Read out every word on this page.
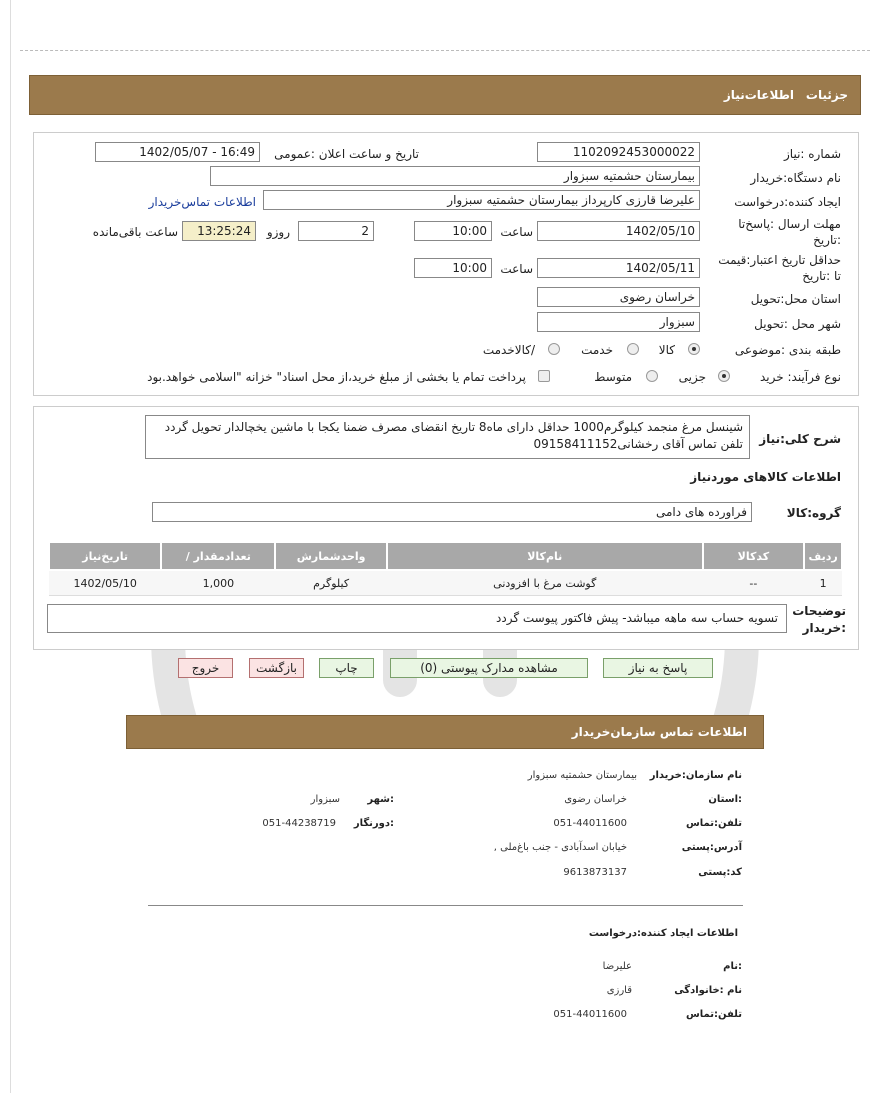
جزئیات
اطلاعات‌نیاز
شماره :نیاز
1102092453000022
تاریخ و ساعت اعلان :عمومی
1402/05/07 - 16:49
نام دستگاه:خریدار
بیمارستان حشمتیه سبزوار
ایجاد کننده:درخواست
علیرضا قارزی کارپرداز بیمارستان حشمتیه سبزوار
اطلاعات تماس‌خریدار
مهلت ارسال :پاسخ‌تا
:تاریخ
1402/05/10
ساعت
10:00
2
روزو
13:25:24
ساعت باقی‌مانده
حداقل تاریخ اعتبار:قیمت
تا :تاریخ
1402/05/11
ساعت
10:00
استان محل:تحویل
خراسان رضوی
شهر محل :تحویل
سبزوار
طبقه بندی :موضوعی
کالا
خدمت
/کالاخدمت
نوع فرآیند: خرید
جزیی
متوسط
پرداخت تمام یا بخشی از مبلغ خرید،از محل اسناد" خزانه "اسلامی خواهد.بود
شرح کلی:نیاز
شینسل مرغ منجمد کیلوگرم1000 حداقل دارای ماه8 تاریخ انقضای مصرف ضمنا یکجا با ماشین یخچالدار تحویل گردد تلفن تماس آقای رخشانی09158411152
اطلاعات کالاهای موردنیاز
گروه:کالا
فراورده های دامی
ردیف	کدکالا	نام‌کالا	واحدشمارش	تعدادمقدار /	تاریخ‌نیاز
1	--	گوشت مرغ با افزودنی	کیلوگرم	1,000	1402/05/10
توضیحات
:خریدار
تسویه حساب سه ماهه میباشد- پیش فاکتور پیوست گردد
پاسخ به نیاز
مشاهده مدارک پیوستی (0)
چاپ
بازگشت
خروج
اطلاعات تماس سازمان‌خریدار
نام سازمان:خریدار
بیمارستان حشمتیه سبزوار
:استان
خراسان رضوی
:شهر
سبزوار
تلفن:تماس
051-44011600
:دورنگار
051-44238719
آدرس:پستی
خیابان اسدآبادی - جنب باغ‌ملی ,
کد:پستی
9613873137
اطلاعات ایجاد کننده:درخواست
:نام
علیرضا
نام :خانوادگی
قارزی
تلفن:تماس
051-44011600
